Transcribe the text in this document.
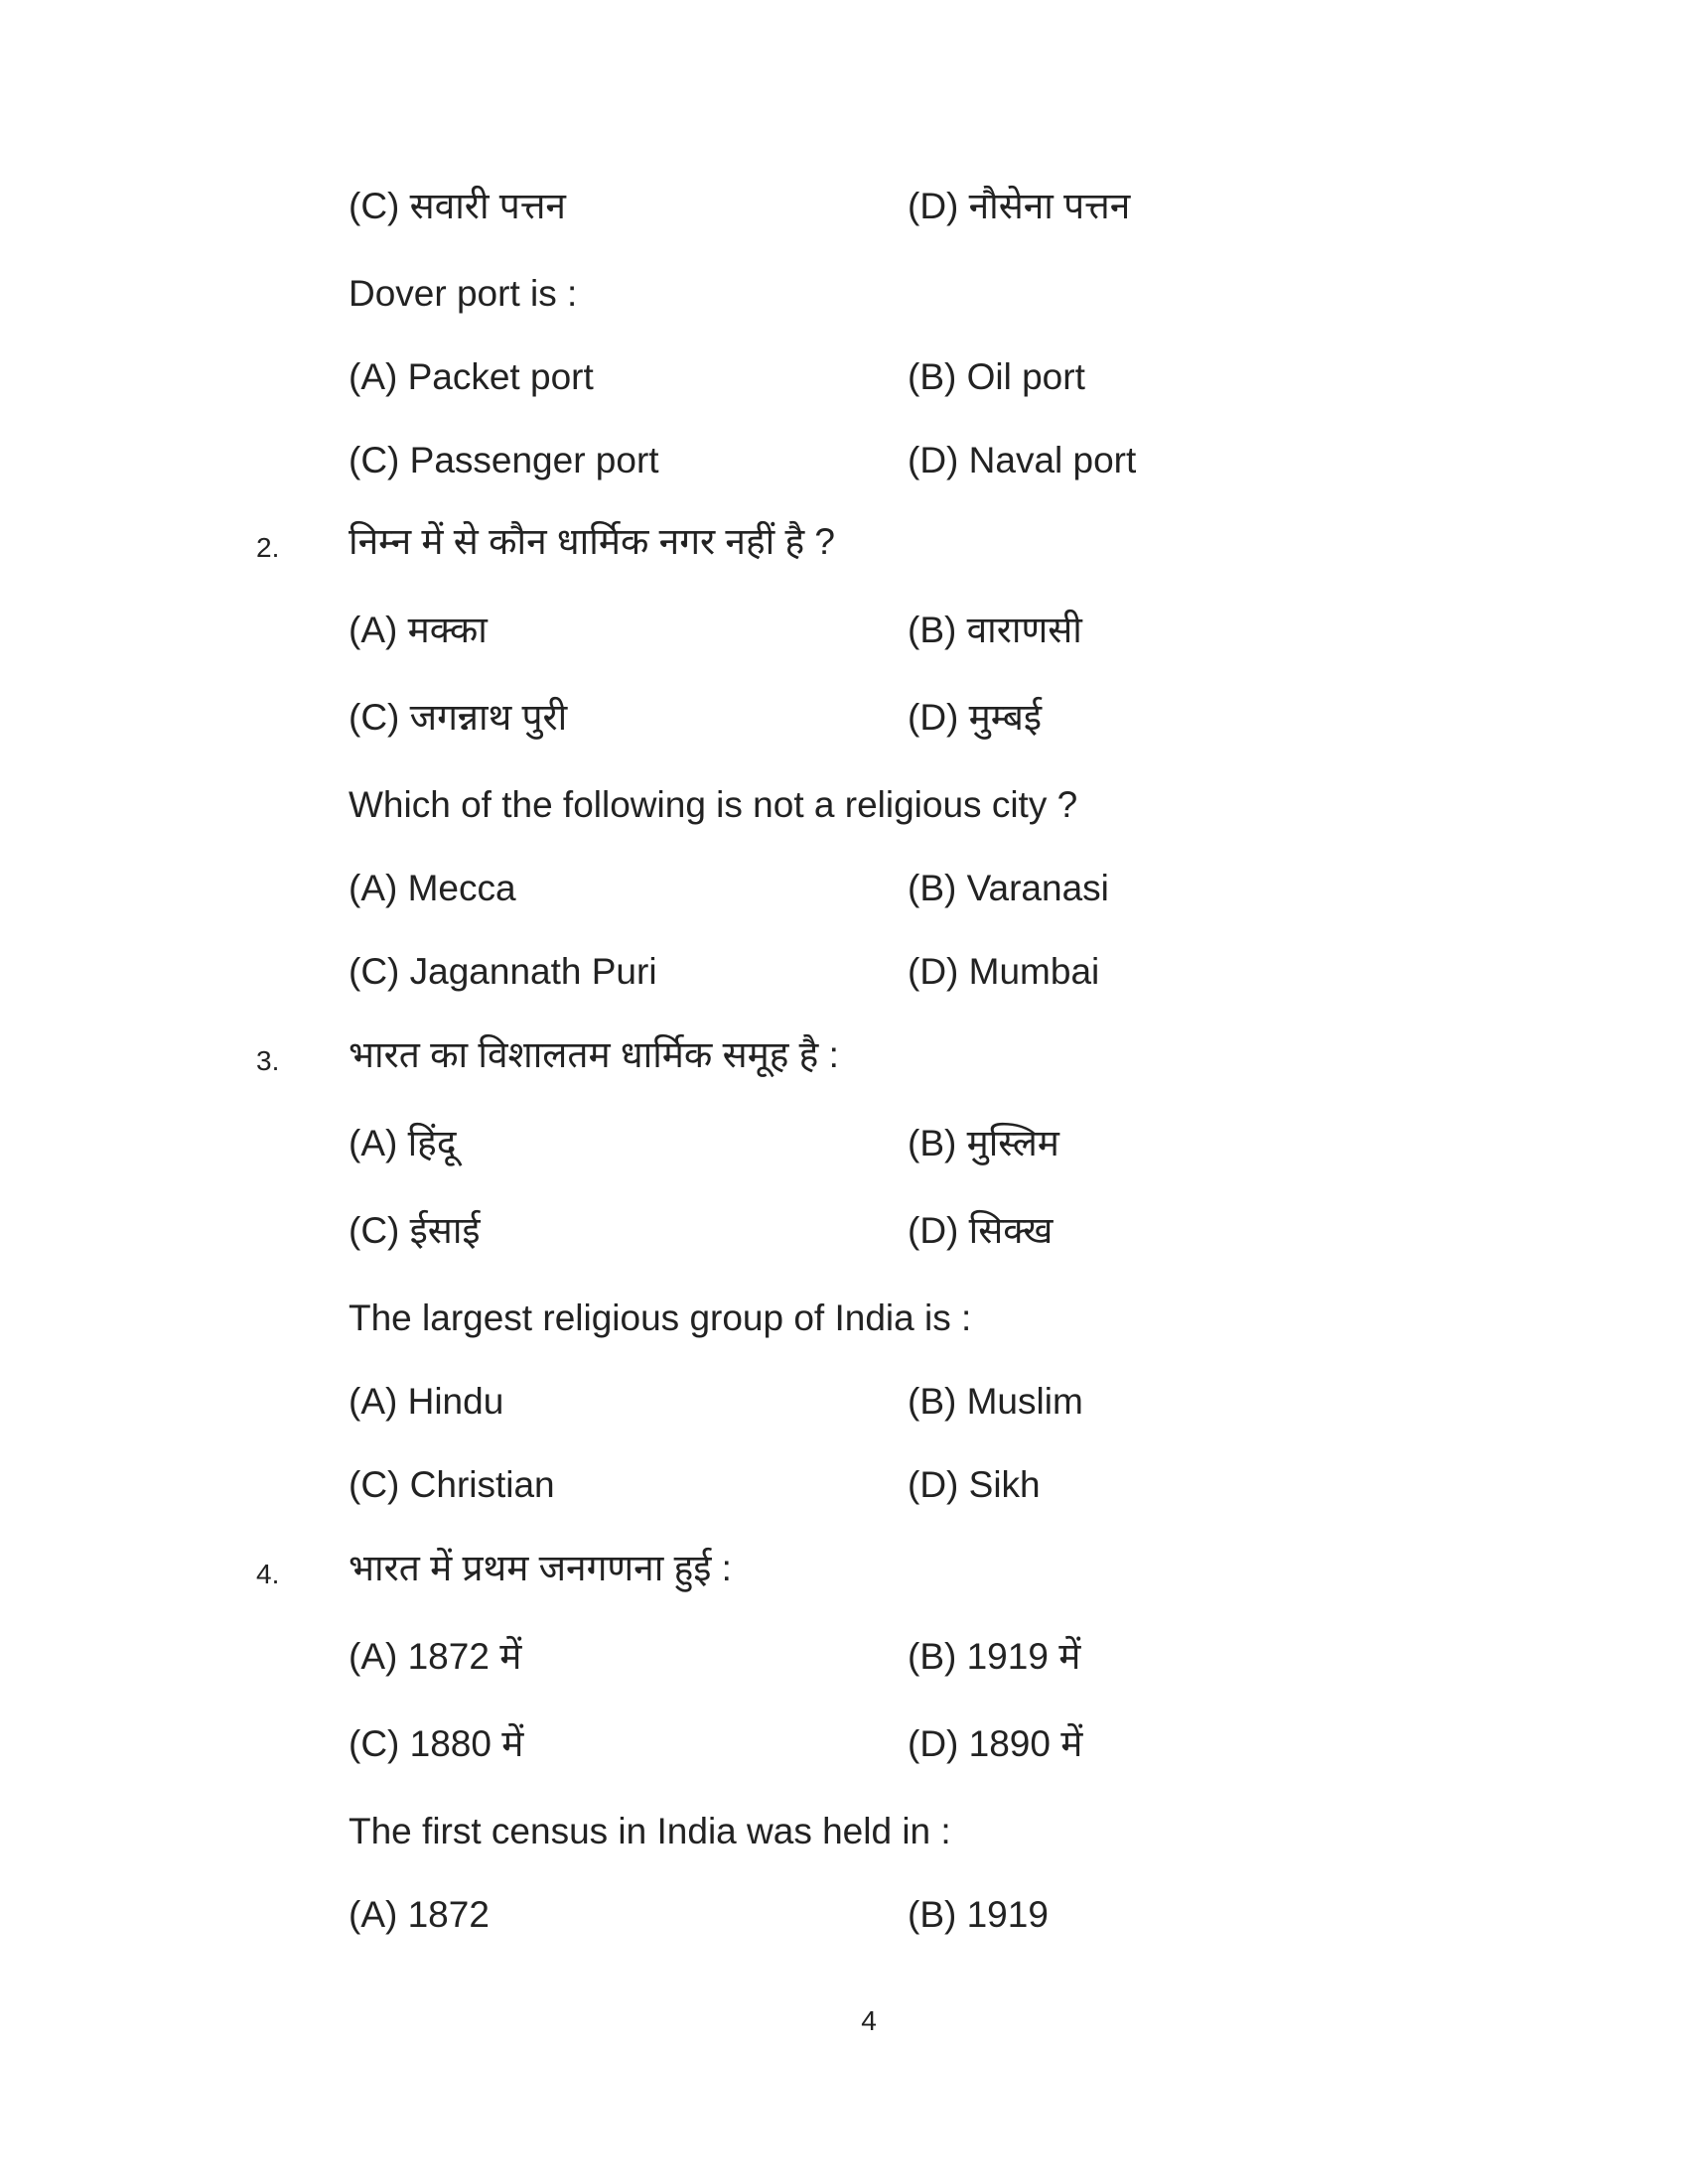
(C) सवारी पत्तन	(D) नौसेना पत्तन
Dover port is :
(A) Packet port	(B) Oil port
(C) Passenger port	(D) Naval port
2. निम्न में से कौन धार्मिक नगर नहीं है ?
(A) मक्का	(B) वाराणसी
(C) जगन्नाथ पुरी	(D) मुम्बई
Which of the following is not a religious city ?
(A) Mecca	(B) Varanasi
(C) Jagannath Puri	(D) Mumbai
3. भारत का विशालतम धार्मिक समूह है :
(A) हिंदू	(B) मुस्लिम
(C) ईसाई	(D) सिक्ख
The largest religious group of India is :
(A) Hindu	(B) Muslim
(C) Christian	(D) Sikh
4. भारत में प्रथम जनगणना हुई :
(A) 1872 में	(B) 1919 में
(C) 1880 में	(D) 1890 में
The first census in India was held in :
(A) 1872	(B) 1919
4
